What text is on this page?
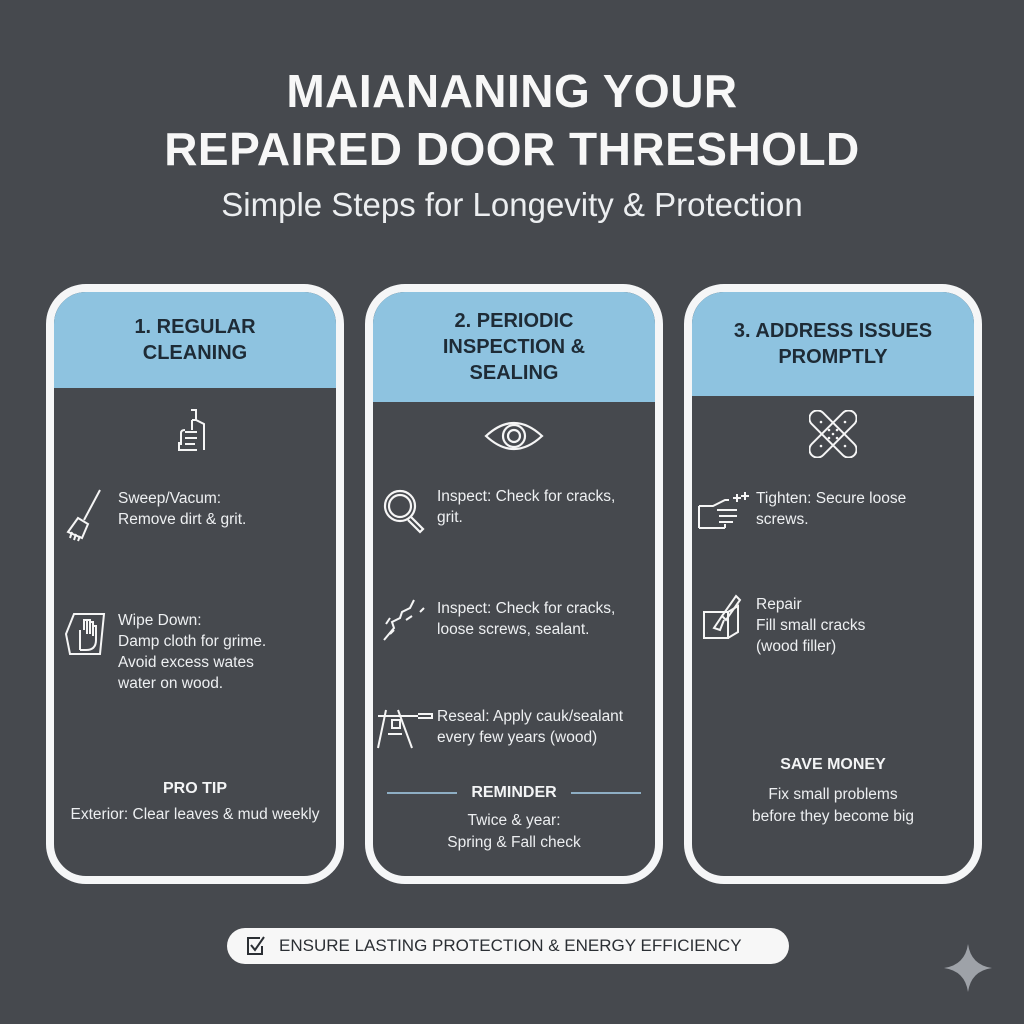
MAIANANING YOUR
REPAIRED DOOR THRESHOLD
Simple Steps for Longevity & Protection
1. REGULAR
CLEANING
Sweep/Vacum:
Remove dirt & grit.
Wipe Down:
Damp cloth for grime.
Avoid excess wates
water on wood.
PRO TIP
Exterior: Clear leaves & mud weekly
2. PERIODIC
INSPECTION &
SEALING
Inspect: Check for cracks,
grit.
Inspect: Check for cracks,
loose screws, sealant.
Reseal: Apply cauk/sealant
every few years (wood)
REMINDER
Twice & year:
Spring & Fall check
3. ADDRESS ISSUES
PROMPTLY
Tighten: Secure loose
screws.
Repair
Fill small cracks
(wood filler)
SAVE MONEY
Fix small problems
before they become big
ENSURE LASTING PROTECTION & ENERGY EFFICIENCY
